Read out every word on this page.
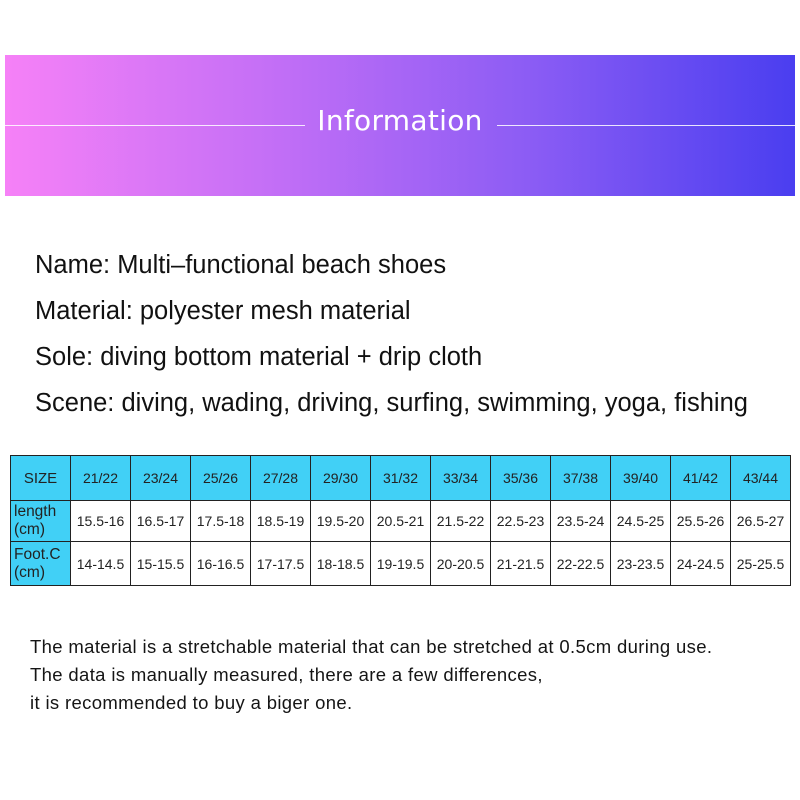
Information
Name: Multi–functional beach shoes
Material: polyester mesh material
Sole: diving bottom material + drip cloth
Scene: diving, wading, driving, surfing, swimming, yoga, fishing
SIZE	21/22	23/24	25/26	27/28	29/30	31/32	33/34	35/36	37/38	39/40	41/42	43/44

length
(cm)	15.5-16	16.5-17	17.5-18	18.5-19	19.5-20	20.5-21	21.5-22	22.5-23	23.5-24	24.5-25	25.5-26	26.5-27

Foot.C
(cm)	14-14.5	15-15.5	16-16.5	17-17.5	18-18.5	19-19.5	20-20.5	21-21.5	22-22.5	23-23.5	24-24.5	25-25.5
The material is a stretchable material that can be stretched at 0.5cm during use.
The data is manually measured, there are a few differences,
it is recommended to buy a biger one.
